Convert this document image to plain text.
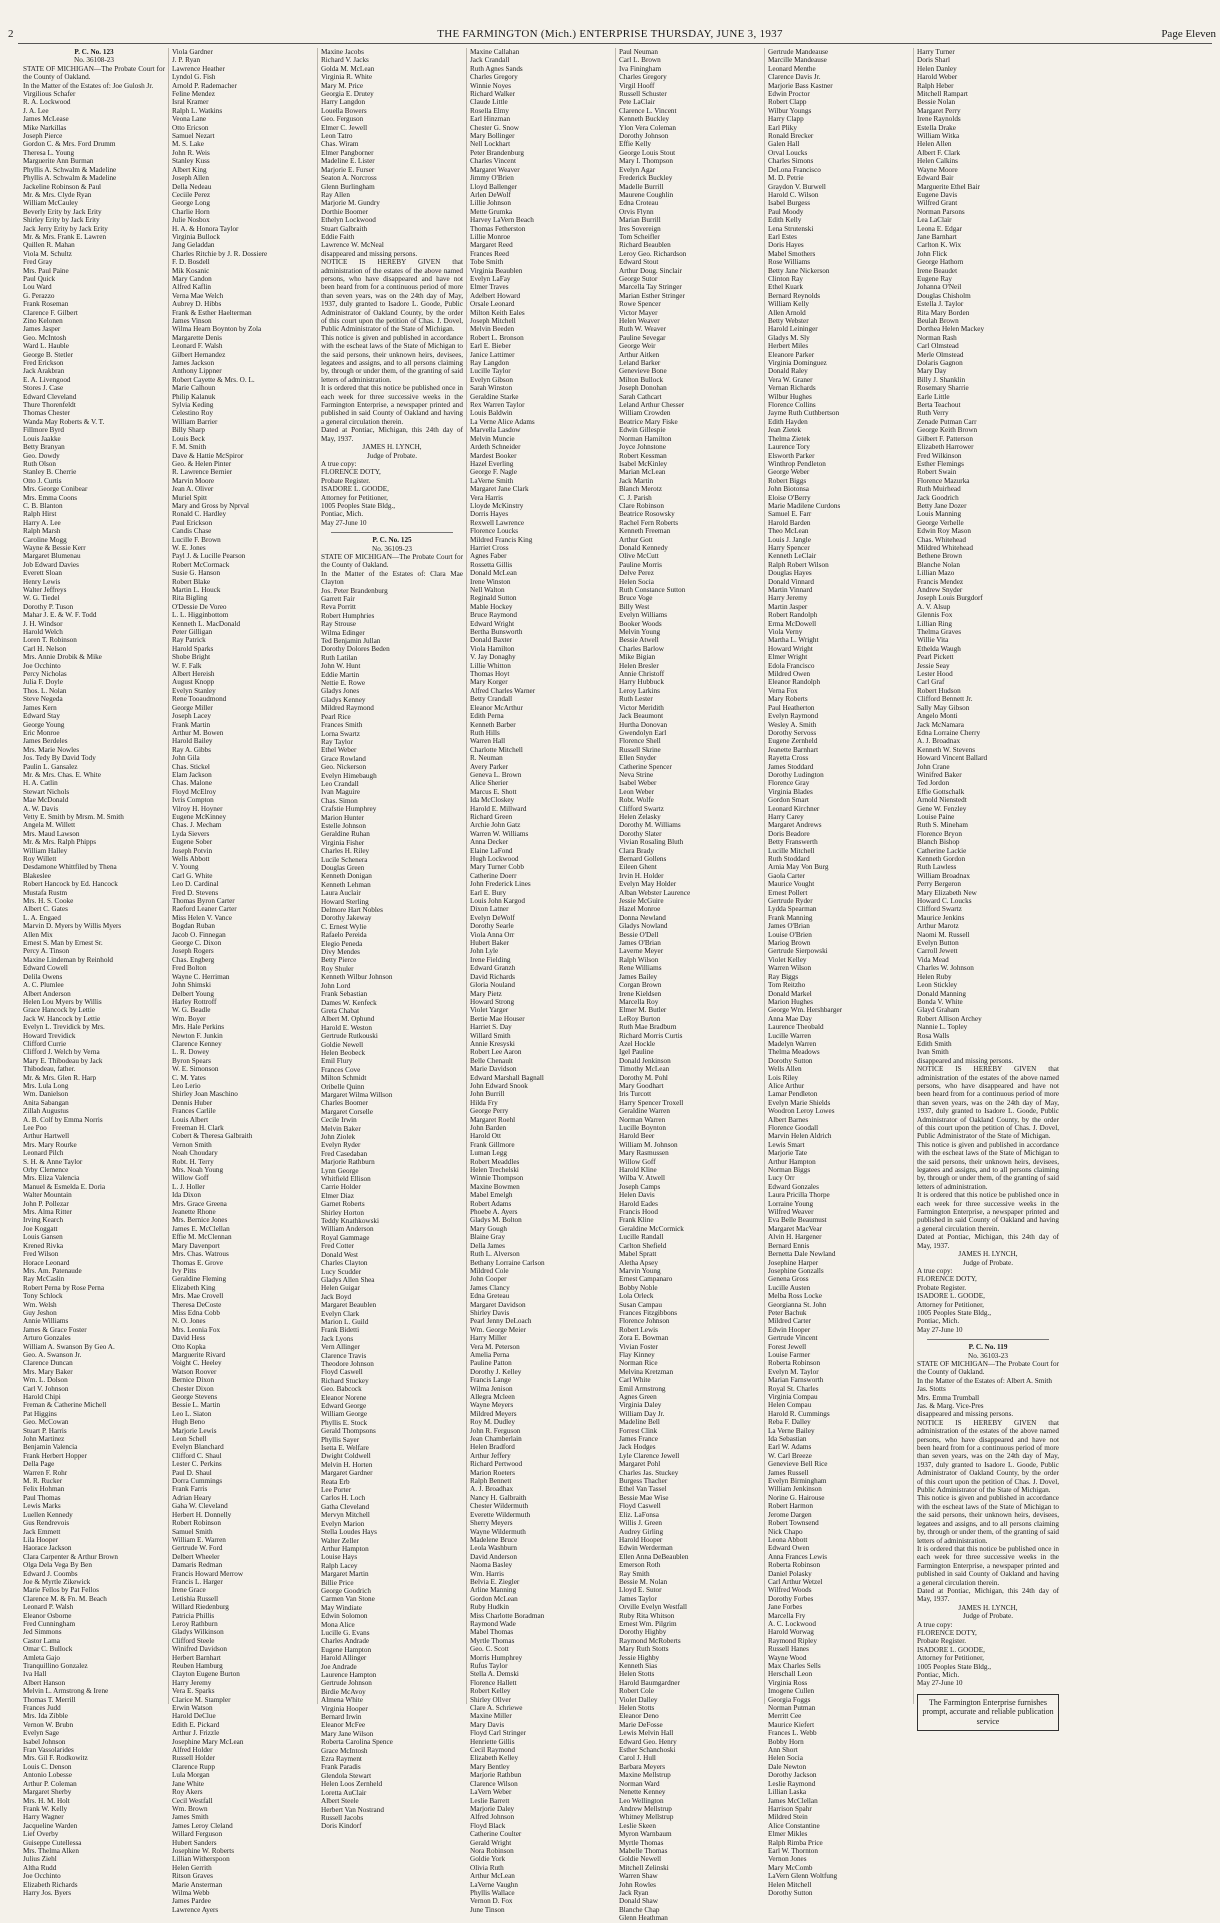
2	THE FARMINGTON (Mich.) ENTERPRISE THURSDAY, JUNE 3, 1937	Page Eleven

P. C. No. 123

No. 36108-23

STATE OF MICHIGAN—The Probate Court for the County of Oakland.

In the Matter of the Estates of: Joe Gulosh Jr.

Virgilious Schafer

R. A. Lockwood

J. A. Lee

James McLease

Mike Narkillas

Joseph Pierce

Gordon C. & Mrs. Ford Drumm

Theresa L. Young

Marguerite Ann Burman

Phyllis A. Schwalm & Madeline

Phyllis A. Schwalm & Madeline

Jackeline Robinson & Paul

Mr. & Mrs. Clyde Ryan

William McCauley

Beverly Erity by Jack Erity

Shirley Erity by Jack Erity

Jack Jerry Erity by Jack Erity

Mr. & Mrs. Frank E. Lawren

Quillen R. Mahan

Viola M. Schultz

Fred Gray

Mrs. Paul Paine

Paul Quick

Lou Ward

G. Perazzo

Frank Roseman

Clarence F. Gilbert

Zino Kelonen

James Jasper

Geo. McIntosh

Ward L. Hauble

George B. Stetler

Fred Erickson

Jack Arakbran

E. A. Livengood

Stores J. Case

Edward Cleveland

Thure Thorenfeldt

Thomas Chester

Wanda May Roberts & V. T.

Fillmore Byrd

Louis Jaakke

Betty Branyan

Geo. Dowdy

Ruth Olson

Stanley B. Cherrie

Otto J. Curtis

Mrs. George Conibear

Mrs. Emma Coons

C. B. Blanton

Ralph Hirst

Harry A. Lee

Ralph Marsh

Caroline Mogg

Wayne & Bessie Kerr

Margaret Blumenau

Job Edward Davies

Everett Sloan

Henry Lewis

Walter Jeffreys

W. G. Tiedel

Dorothy P. Tuson

Mahar J. E. & W. F. Todd

J. H. Windsor

Harold Welch

Loren T. Robinson

Carl H. Nelson

Mrs. Annie Drobik & Mike

Joe Occhinto

Percy Nicholas

Julia F. Doyle

Thos. L. Nolan

Steve Negeda

James Kern

Edward Stay

George Young

Eric Monroe

James Berdeles

Mrs. Marie Nowles

Jos. Tedy By David Tody

Paulin L. Gansalez

Mr. & Mrs. Chas. E. White

H. A. Catlin

Stewart Nichols

Mae McDonald

A. W. Davis

Vetty E. Smith by Mrsm. M. Smith

Angela M. Willett

Mrs. Maud Lawson

Mr. & Mrs. Ralph Phipps

William Halley

Roy Willett

Desdamone Whittfiled by Thena

Blakeslee

Robert Hancock by Ed. Hancock

Mustafa Rustm

Mrs. H. S. Cooke

Albert C. Gates

L. A. Engaed

Marvin D. Myers by Willis Myers

Allen Mix

Ernest S. Man by Ernest Sr.

Percy A. Tinson

Maxine Lindeman by Reinhold

Edward Cowell

Delila Owens

A. C. Plumlee

Albert Anderson

Helen Lou Myers by Willis

Grace Hancock by Lettie

Jack W. Hancock by Lettie

Evelyn L. Trevidick by Mrs.

Howard Trevidick

Clifford Currie

Clifford J. Welch by Verna

Mary E. Thibodeau by Jack

Thibodeau, father.

Mr. & Mrs. Glen R. Harp

Mrs. Lula Long

Wm. Danielson

Anita Sabangan

Zillah Augustus

A. B. Colf by Emma Norris

Lee Poo

Arthur Hartwell

Mrs. Mary Rourke

Leonard Pilch

S. H. & Anne Taylor

Orby Clemence

Mrs. Eliza Valencia

Manuel & Esmelda E. Doria

Walter Mountain

John P. Pollezar

Mrs. Alma Ritter

Irving Kearch

Joe Koggatt

Louis Gansen

Krened Rivka

Fred Wilson

Horace Leonard

Mrs. Am. Patenaude

Ray McCaslin

Robert Perna by Rose Perna

Tony Schlock

Wm. Welsh

Guy Jeshon

Annie Williams

James & Grace Foster

Arturo Gonzales

William A. Swanson By Geo A.

Geo. A. Swanson Jr.

Clarence Duncan

Mrs. Mary Baker

Wm. L. Dolson

Carl V. Johnson

Harold Chipi

Freman & Catherine Michell

Pat Higgins

Geo. McCowan

Stuart P. Harris

John Martinez

Benjamin Valencia

Frank Herbert Hopper

Della Page

Warren F. Rohr

M. R. Rucker

Felix Hohman

Paul Thomas

Lewis Marks

Luellen Kennedy

Gus Rendrevois

Jack Emmett

Lila Hooper

Haorace Jackson

Clara Carpenter & Arthur Brown

Olga Dela Vega By Ben

Edward J. Coombs

Joe & Myrtle Zikewick

Marie Fellos by Pat Fellos

Clarence M. & Fn. M. Beach

Leonard P. Walsh

Eleanor Osborne

Fred Cunningham

Jed Simmons

Castor Lama

Omar C. Bullock

Amleta Gajo

Tranquillino Gonzalez

Iva Hall

Albert Hanson

Melvin L. Armstrong & Irene

Thomas T. Merrill

Frances Judd

Mrs. Ida Zibble

Vernon W. Brubn

Evelyn Sage

Isabel Johnson

Fran Vassolarides

Mrs. Gil F. Rodkowitz

Louis C. Denson

Antonio Lobesse

Arthur P. Coleman

Margaret Sherby

Mrs. H. M. Holt

Frank W. Kelly

Harry Wagner

Jacqueline Warden

Lief Overby

Guiseppe Cutellessa

Mrs. Thelma Alken

Julius Ziehl

Altha Rudd

Joe Occhinto

Elizabeth Richards

Harry Jos. Byers

Viola Gardner

J. P. Ryan

Lawrence Heather

Lyndol G. Fish

Arnold P. Rademacher

Feline Mendez

Isral Kramer

Ralph L. Watkins

Veona Lane

Otto Ericson

Samuel Nezart

M. S. Lake

John R. Weis

Stanley Kuss

Albert King

Joseph Allen

Della Nedeau

Ceciile Perez

George Long

Charlie Horn

Julie Nosbox

H. A. & Honora Taylor

Virginia Bullock

Jang Geladdan

Charles Ritchie by J. R. Dossiere

F. D. Bosdell

Mik Kosanic

Mary Candon

Alfred Kaflin

Verna Mae Welch

Aubrey D. Hibbs

Frank & Esther Haelterman

James Vinson

Wilma Hearn Boynton by Zola

Margarette Denis

Leonard F. Walsh

Gilbert Hernandez

James Jackson

Anthony Lippner

Robert Cayette & Mrs. O. L.

Marie Calhoun

Philip Kalanuk

Sylvia Keding

Celestino Roy

William Barrier

Billy Sharp

Louis Beck

F. M. Smith

Dave & Hattie McSpiror

Geo. & Helen Pinter

R. Lawrence Bernier

Marvin Moore

Jean A. Oliver

Muriel Spitt

Mary and Gross by Nprval

Ronald C. Hardley

Paul Erickson

Candis Chase

Lucille F. Brown

W. E. Jones

Payl J. & Lucille Pearson

Robert McCormack

Susie G. Hanson

Robert Blake

Martin L. Houck

Rita Bigling

O'Dessie De Voreo

L. L. Higginbottom

Kenneth L. MacDonald

Peter Gilligan

Ray Patrick

Harold Sparks

Shobe Bright

W. F. Falk

Albert Hereish

August Knopp

Evelyn Stanley

Rene Tooaudmond

George Miller

Joseph Lacey

Frank Martin

Arthur M. Bowen

Harold Bailey

Ray A. Gibbs

John Gila

Chas. Stickel

Elam Jackson

Chas. Malone

Floyd McElroy

Ivris Compton

Vilroy H. Hoyner

Eugene McKinney

Chas. J. Mecham

Lyda Sievers

Eugene Sober

Joseph Potvin

Wells Abbott

V. Young

Carl G. White

Leo D. Cardinal

Fred D. Stevens

Thomas Byron Carter

Raeford Leaner Carter

Miss Helen V. Vance

Bogdan Ruban

Jacob O. Finnegan

George C. Dixon

Joseph Rogers

Chas. Engberg

Fred Bolton

Wayne C. Herriman

John Shimski

Delbert Young

Harley Rottroff

W. G. Beadle

Wm. Boyer

Mrs. Hale Perkins

Newton F. Junkin

Clarence Kenney

L. R. Dowey

Byron Spears

W. E. Simonson

C. M. Yates

Leo Lerio

Shirley Joan Maschino

Dennis Huber

Frances Carlile

Louis Albert

Freeman H. Clark

Cobert & Theresa Galbraith

Vernon Smith

Noah Choudary

Robt. H. Terry

Mrs. Noah Young

Willow Goff

L. J. Holler

Ida Dixon

Mrs. Grace Greena

Jeanette Rhone

Mrs. Bernice Jones

James E. McClellan

Effie M. McClennan

Mary Davenport

Mrs. Chas. Watrous

Thomas E. Grove

Ivy Pitts

Geraldine Fleming

Elizabeth King

Mrs. Mae Crovell

Theresa DeCoste

Miss Edna Cobb

N. O. Jones

Mrs. Leonia Fox

David Hess

Otto Kopka

Marguerite Rivard

Voight C. Heeley

Watson Roover

Bernice Dixon

Chester Dixon

George Stevens

Bessie L. Martin

Leo L. Siaton

Hugh Beno

Marjorie Lewis

Leon Schell

Evelyn Blanchard

Clifford C. Shaul

Lester C. Perkins

Paul D. Shaul

Dorra Cummings

Frank Farris

Adrian Heary

Gaha W. Cleveland

Herbert H. Donnelly

Robert Robinson

Samuel Smith

William E. Warren

Gertrude W. Ford

Delbert Wheeler

Damaris Redman

Francis Howard Merrow

Francis L. Harger

Irene Grace

Letishia Russell

Willard Riedenburg

Patricia Phillis

Leroy Rathburn

Gladys Wilkinson

Clifford Steele

Winifred Davidson

Herbert Barnhart

Reuben Hamburg

Clayton Eugene Burton

Harry Jeremy

Vera E. Sparks

Clarice M. Stampler

Erwin Watson

Harold DeClue

Edith E. Pickard

Arthur J. Frizzle

Josephine Mary McLean

Alfred Holder

Russell Holder

Clarence Rupp

Lula Morgan

Jane White

Roy Akers

Cecil Westfall

Wm. Brown

James Smith

James Leroy Cleland

Willard Ferguson

Hubert Sanders

Josephine W. Roberts

Lillian Witherspoon

Helen Gerrith

Ritson Graves

Marie Ansterman

Wilma Webb

James Pardee

Lawrence Ayers

Maxine Jacobs

Richard V. Jacks

Golda M. McLean

Virginia R. White

Mary M. Price

Georgia E. Drutey

Harry Langdon

Louella Bowers

Geo. Ferguson

Elmer C. Jewell

Leon Tatro

Chas. Wiram

Elmer Pangborner

Madeline E. Lister

Marjorie E. Furser

Seaton A. Norcross

Glenn Burlingham

Ray Allen

Marjorie M. Gundry

Dorthie Boomer

Ethelyn Lockwood

Stuart Galbraith

Eddie Faith

Lawrence W. McNeal

disappeared and missing persons.

NOTICE IS HEREBY GIVEN that administration of the estates of the above named persons, who have disappeared and have not been heard from for a continuous period of more than seven years, was on the 24th day of May, 1937, duly granted to Isadore L. Goode, Public Administrator of Oakland County, by the order of this court upon the petition of Chas. J. Dovel, Public Administrator of the State of Michigan.

This notice is given and published in accordance with the escheat laws of the State of Michigan to the said persons, their unknown heirs, devisees, legatees and assigns, and to all persons claiming by, through or under them, of the granting of said letters of administration.

It is ordered that this notice be published once in each week for three successive weeks in the Farmington Enterprise, a newspaper printed and published in said County of Oakland and having a general circulation therein.

Dated at Pontiac, Michigan, this 24th day of May, 1937.

JAMES H. LYNCH,

Judge of Probate.

A true copy:

FLORENCE DOTY,

Probate Register.

ISADORE L. GOODE,

Attorney for Petitioner,

1005 Peoples State Bldg.,

Pontiac, Mich.

May 27-June 10

P. C. No. 125

No. 36109-23

STATE OF MICHIGAN—The Probate Court for the County of Oakland.

In the Matter of the Estates of: Clara Mae Clayton

Jos. Peter Brandenburg

Garrett Fair

Reva Porritt

Robert Humphries

Ray Strouse

Wilma Edinger

Ted Benjamin Jullan

Dorothy Dolores Beden

Ruth Latilan

John W. Hunt

Eddie Martin

Nettie E. Rowe

Gladys Jones

Gladys Kenney

Mildred Raymond

Pearl Rice

Frances Smith

Lorna Swartz

Ray Taylor

Ethel Weber

Grace Rowland

Geo. Nickerson

Evelyn Himebaugh

Leo Crandall

Ivan Maguire

Chas. Simon

Crafstie Humphrey

Marion Hunter

Estelle Johnson

Geraldine Ruhan

Virginia Fisher

Charles H. Riley

Lucile Schenera

Douglas Green

Kenneth Donigan

Kenneth Lehman

Laura Auclair

Howard Sterling

Delmore Hart Nobles

Dorothy Jakeway

C. Ernest Wylie

Rafaelo Pereida

Elegio Peneda

Divy Mendes

Betty Pierce

Roy Shuler

Kenneth Wilbur Johnson

John Lord

Frank Sebastian

Dames W. Kenfeck

Greta Chabat

Albert M. Ophund

Harold E. Weston

Gertrude Rutkouski

Goldie Newell

Helen Beobeck

Emil Flury

Frances Cove

Milton Schmidt

Oribelle Quinn

Margaret Wilma Willson

Charles Boomer

Margaret Corselle

Cecile Irwin

Melvin Baker

John Ziolek

Evelyn Ryder

Fred Casedaban

Marjorie Rathburn

Lynn George

Whitfield Ellison

Carrie Holder

Elmer Diaz

Garnet Roberts

Shirley Horton

Teddy Knathkowski

William Anderson

Royal Gammage

Fred Cotter

Donald West

Charles Clayton

Lucy Scudder

Gladys Allen Shea

Helen Guigar

Jack Boyd

Margaret Beaublen

Evelyn Clark

Marion L. Guild

Frank Bidetti

Jack Lyons

Vern Allinger

Clarence Travis

Theodore Johnson

Floyd Caswell

Richard Stuckey

Geo. Babcock

Eleanor Norene

Edward George

William George

Phyllis E. Stock

Gerald Thompsons

Phyllis Sayer

Isetta E. Welfare

Dwight Coldwell

Melvin H. Horten

Margaret Gardner

Reata Erb

Lee Porter

Carlos H. Loch

Gatha Cleveland

Mervyn Mitchell

Evelyn Marion

Stella Loudes Hays

Walter Zeller

Arthur Hampton

Louise Hays

Ralph Lacey

Margaret Martin

Billie Price

George Goodrich

Carmen Van Stone

May Windiate

Edwin Solomon

Mona Alice

Lucille G. Evans

Charles Andrade

Eugene Hampton

Harold Allinger

Joe Andrade

Laurence Hampton

Gertrude Johnson

Birdie McAvoy

Almena White

Virginia Hooper

Bernard Irwin

Eleanor McFee

Mary Jane Wilson

Roberta Carolina Spence

Grace McIntosh

Ezra Rayment

Frank Paradis

Glendola Stewart

Helen Loos Zernheld

Loretta AuClair

Albert Steele

Herbert Van Nostrand

Russell Jacobs

Doris Kindorf

Maxine Callahan

Jack Crandall

Ruth Agnes Sands

Charles Gregory

Winnie Noyes

Richard Walker

Claude Little

Rosella Elmy

Earl Hinzman

Chester G. Snow

Mary Bollinger

Nell Lockhart

Peter Brandenburg

Charles Vincent

Margaret Weaver

Jimmy O'Brien

Lloyd Ballenger

Arlen DeWolf

Lillie Johnson

Mette Grumka

Harvey LaVern Beach

Thomas Fetherston

Lillie Monroe

Margaret Reed

Frances Reed

Tobe Smith

Virginia Beaublen

Evelyn LaFay

Elmer Traves

Adelbert Howard

Orsale Leonard

Milton Keith Eales

Joseph Mitchell

Melvin Beeden

Robert L. Bronson

Earl E. Bieber

Janice Lattimer

Ray Langdon

Lucille Taylor

Evelyn Gibson

Sarah Winston

Geraldine Starke

Rex Warren Taylor

Louis Baldwin

La Verne Alice Adams

Marvella Lasdow

Melvin Muncie

Ardeth Schneider

Mardest Booker

Hazel Everling

George F. Nagle

LaVerne Smith

Margaret Jane Clark

Vera Harris

Lloyde McKinstry

Dorris Hayes

Rexwell Lawrence

Florence Loucks

Mildred Francis King

Harriet Cross

Agnes Faber

Rossetta Gillis

Donald McLean

Irene Winston

Nell Walton

Reginald Sutton

Mable Hockey

Bruce Raymond

Edward Wright

Bertha Bunsworth

Donald Baxter

Viola Hamilton

V. Jay Donaghy

Lillie Whitton

Thomas Hoyt

Mary Korger

Alfred Charles Warner

Betty Crandall

Eleanor McArthur

Edith Perna

Kenneth Barber

Ruth Hills

Warren Hall

Charlotte Mitchell

R. Neuman

Avery Parker

Geneva L. Brown

Alice Sherier

Marcus E. Shott

Ida McCloskey

Harold E. Millward

Richard Green

Archie John Gatz

Warren W. Williams

Anna Decker

Elaine LaFond

Hugh Lockwood

Mary Turner Cobb

Catherine Doerr

John Frederick Lines

Earl E. Bury

Louis John Kargod

Dixon Latner

Evelyn DeWolf

Dorothy Searle

Viola Anna Orr

Hubert Baker

John Lyle

Irene Fielding

Edward Granzh

David Richards

Gloria Nouland

Mary Pietz

Howard Strong

Violet Yarger

Bertie Mae Houser

Harriet S. Day

Willard Smith

Annie Kresyski

Robert Lee Aaron

Belle Chenault

Marie Davidson

Edward Marshall Bagnall

John Edward Snook

John Burrill

Hilda Fry

George Perry

Margaret Roehl

John Barden

Harold Ott

Frank Gillmore

Luman Legg

Robert Meaddles

Helen Trechelski

Winnie Thompson

Maxine Bowmen

Mabel Emelgh

Robert Adams

Phoebe A. Ayers

Gladys M. Bolton

Mary Gough

Blaine Gray

Della James

Ruth L. Alverson

Bethany Lorraine Carlson

Mildred Cole

John Cooper

James Clancy

Edna Greteau

Margaret Davidson

Shirley Davis

Pearl Jenny DeLoach

Wm. George Meier

Harry Miller

Vera M. Peterson

Amelia Perna

Pauline Patton

Dorothy J. Kelley

Francis Lange

Wilma Jenison

Allegra Mcleen

Wayne Meyers

Mildred Meyers

Roy M. Dudley

John R. Ferguson

Jean Chamberlain

Helen Bradford

Arthur Jeffery

Richard Pertwood

Marion Roeters

Ralph Bennett

A. J. Broadhax

Nancy H. Galbraith

Chester Wildermuth

Everette Wildermuth

Sherry Meyers

Wayne Wildermuth

Madelene Bruce

Leola Washburn

David Anderson

Naoma Basley

Wm. Harris

Belvia E. Ziegler

Arline Manning

Gordon McLean

Ruby Hudkin

Miss Charlotte Boradman

Raymond Wade

Mabel Thomas

Myrtle Thomas

Geo. C. Scott

Morris Humphrey

Rufus Taylor

Stella A. Demski

Florence Hallett

Robert Kelley

Shirley Ollver

Clare A. Schriewe

Maxine Miller

Mary Davis

Floyd Carl Stringer

Henriette Gillis

Cecil Raymond

Elizabeth Kelley

Mary Bentley

Marjorie Rathbun

Clarence Wilson

LaVern Weber

Leslie Barrett

Marjorie Daley

Alfred Johnson

Floyd Black

Catherine Coulter

Gerald Wright

Nora Robinson

Goldie York

Olivia Ruth

Arthur McLean

LaVerne Vaughn

Phyllis Wallace

Vernon D. Fox

June Tinson

Paul Neuman

Carl L. Brown

Iva Finingham

Charles Gregory

Virgil Hooff

Russell Schuster

Pete LaClair

Clarence L. Vincent

Kenneth Buckley

Ylon Vera Coleman

Dorothy Johnson

Effie Kelly

George Louis Stout

Mary I. Thompson

Evelyn Agar

Frederick Buckley

Madelle Burrill

Maurene Coughlin

Edna Croteau

Orvis Flynn

Marian Burrill

Ires Sovereign

Tom Scheifler

Richard Beaublen

Leroy Geo. Richardson

Edward Stout

Arthur Doug. Sinclair

George Sutor

Marcella Tay Stringer

Marian Esther Stringer

Rowe Spencer

Victor Mayer

Helen Weaver

Ruth W. Weaver

Pauline Sevegar

George Weir

Arthur Aitken

Leland Barker

Genevieve Bone

Milton Bullock

Joseph Donohan

Sarah Cathcart

Leland Arthur Chesser

William Crowden

Beatrice Mary Fiske

Edwin Gillespie

Norman Hamilton

Joyce Johnstone

Robert Kessman

Isabel McKinley

Marian McLean

Jack Martin

Blanch Merotz

C. J. Parish

Clare Robinson

Beatrice Rosowsky

Rachel Fern Roberts

Kenneth Freeman

Arthur Gott

Donald Kennedy

Olive McCutt

Pauline Morris

Delve Perez

Helen Socia

Ruth Constance Sutton

Bruce Voge

Billy West

Evelyn Williams

Booker Woods

Melvin Young

Bessie Atwell

Charles Barlow

Mike Bigian

Helen Bresler

Annie Christoff

Harry Hubbuck

Leroy Larkins

Ruth Lester

Victor Meridith

Jack Beaumont

Hurtha Donovan

Gwendolyn Earl

Florence Shell

Russell Skrine

Ellen Snyder

Catherine Spencer

Neva Strine

Isabel Weber

Leon Weber

Robt. Wolfe

Clifford Swartz

Helen Zelasky

Dorothy M. Williams

Dorothy Slater

Vivian Rosaling Bluth

Clara Brady

Bernard Gollens

Eileen Ghent

Irvin H. Holder

Evelyn May Holder

Alban Webster Laurence

Jessie McGuire

Hazel Monroe

Donna Newland

Gladys Nowland

Bessie O'Dell

James O'Brian

Laverne Meyer

Ralph Wilson

Rene Williams

James Bailey

Corgan Brown

Irene Kieldsen

Marcella Roy

Elmer M. Butler

LeRoy Burton

Ruth Mae Bradburn

Richard Morris Curtis

Azel Hockle

Igel Pauline

Donald Jenkinson

Timothy McLean

Dorothy M. Pohl

Mary Goodhart

Iris Turcott

Harry Spencer Troxell

Geraldine Warren

Norman Warren

Lucille Boynton

Harold Beer

William M. Johnson

Mary Rasmussen

Willow Goff

Harold Kline

Wilba V. Atwell

Joseph Camps

Helen Davis

Harold Eades

Francis Hood

Frank Kline

Geraldine McCormick

Lucille Randall

Carlton Shefield

Mabel Spratt

Aletha Apsey

Marvin Young

Ernest Campanaro

Bobby Noble

Lola Orleck

Susan Campau

Frances Fitzgibbons

Florence Johnson

Robert Lewis

Zora E. Bowman

Vivian Foster

Flay Kinney

Norman Rice

Melvina Kretzman

Carl White

Emil Armstrong

Agnes Green

Virginia Daley

William Day Jr.

Madeline Bell

Forrest Clink

James France

Jack Hodges

Lyle Clarence Jewell

Margaret Pohl

Charles Jas. Stuckey

Burgess Thacher

Ethel Van Tassel

Bessie Mae Wise

Floyd Caswell

Eliz. LaFonsa

Willis J. Green

Audrey Girling

Harold Hooper

Edwin Werderman

Ellen Anna DeBeaublen

Emerson Roth

Ray Smith

Bessie M. Nolan

Lloyd E. Sutor

James Taylor

Orville Evelyn Westfall

Ruby Rita Whitson

Ernest Wm. Pilgrim

Dorothy Highby

Raymond McRoberts

Mary Ruth Stotts

Jessie Highby

Kenneth Sias

Helen Stotts

Harold Baumgardner

Robert Cole

Violet Dalley

Helen Stotts

Eleanor Deno

Marie DeFosse

Lewis Melvin Hall

Edward Geo. Henry

Esther Schanchoski

Carol J. Hull

Barbara Meyers

Maxine Mellstrup

Norman Ward

Nenette Kenney

Leo Wellington

Andrew Mellstrup

Whitney Mellstrup

Leslie Skeen

Myron Warnbaum

Myrtle Thomas

Mabelle Thomas

Goldie Newell

Mitchell Zelinski

Warren Shaw

John Rowles

Jack Ryan

Donald Shaw

Blanche Chap

Glenn Heathman

Gertrude Mandeause

Marcille Mandeause

Leonard Menthe

Clarence Davis Jr.

Marjorie Bass Kastner

Edwin Proctor

Robert Clapp

Wilbur Youngs

Harry Clapp

Earl Pliky

Ronald Brecker

Galen Hall

Orval Loucks

Charles Simons

DeLona Francisco

M. D. Petrie

Graydon V. Burwell

Harold C. Wilson

Isabel Burgess

Paul Moody

Edith Kelly

Lena Strutenski

Earl Estes

Doris Hayes

Mabel Smothers

Rose Williams

Betty Jane Nickerson

Clinton Ray

Ethel Kuark

Bernard Reynolds

William Kelly

Allen Arnold

Betty Webster

Harold Leininger

Gladys M. Sly

Herbert Miles

Eleanore Parker

Virginia Dominguez

Donald Raley

Vera W. Graner

Vernan Richards

Wilbur Hughes

Florence Collins

Jayme Ruth Cuthbertson

Edith Hayden

Jean Zietek

Thelma Zietek

Laurence Tory

Elsworth Parker

Winthrop Pendleton

George Weber

Robert Biggs

John Biotonsa

Eloise O'Berry

Marie Madilene Curdons

Samuel E. Farr

Harold Barden

Theo McLean

Louis J. Jangle

Harry Spencer

Kenneth LeClair

Ralph Robert Wilson

Douglas Hayes

Donald Vinnard

Martin Vinnard

Harry Jeremy

Martin Jasper

Robert Randolph

Erma McDowell

Viola Verny

Martha L. Wright

Howard Wright

Elmer Wright

Edola Francisco

Mildred Owen

Eleanor Randolph

Verna Fox

Mary Roberts

Paul Heatherton

Evelyn Raymond

Wesley A. Smith

Dorothy Servoss

Eugene Zernheld

Jeanette Barnhart

Rayetta Cross

James Stoddard

Dorothy Ludington

Florence Gray

Virginia Blades

Gordon Smart

Leonard Kirchner

Harry Carey

Margaret Andrews

Doris Beadore

Betty Franswerth

Lucille Mitchell

Ruth Stoddard

Arnia May Von Burg

Gaola Carter

Maurice Vought

Ernest Pollert

Gertrude Ryder

Lydda Spearman

Frank Manning

James O'Brian

Louise O'Brien

Mariog Brown

Gertrude Sierpowski

Violet Kelley

Warren Wilson

Ray Biggs

Tom Reitzho

Donald Markel

Marion Hughes

George Wm. Hershbarger

Anna Mae Day

Laurence Theobald

Lucille Warren

Madelyn Warren

Thelma Meadows

Dorothy Sutton

Wells Allen

Lois Riley

Alice Arthur

Lamar Pendleton

Evelyn Marie Shields

Woodron Leroy Lowes

Albert Barnes

Florence Goodall

Marvin Helen Aldrich

Lewis Smart

Marjorie Tate

Arthur Hampton

Norman Biggs

Lucy Orr

Edward Gonzales

Laura Pricilla Thorpe

Lorraine Young

Wilfred Weaver

Eva Belle Beaumust

Margaret MacVear

Alvin H. Hargener

Bernard Ennis

Bernetta Dale Newland

Josephine Harper

Josephine Gonzalls

Genena Gross

Lucille Austen

Melba Ross Locke

Georgianna St. John

Peter Bachuk

Mildred Carter

Edwin Hooper

Gertrude Vincent

Forest Jewell

Louise Farmer

Roberta Robinson

Evelyn M. Taylor

Marian Farnsworth

Royal St. Charles

Virginia Compau

Helen Compau

Harold R. Cummings

Reba F. Dalley

La Verne Bailey

Ida Sebastian

Earl W. Adams

W. Carl Breeze

Genevieve Bell Rice

James Russell

Evelyn Birmingham

William Jenkinson

Norine G. Hairouse

Robert Harmon

Jerome Dargen

Robert Townsend

Nick Chapo

Leona Abbott

Edward Owen

Anna Frances Lewis

Roberta Robinson

Daniel Polasky

Carl Arthur Wetzel

Wilfred Woods

Dorothy Forbes

Jane Forbes

Marcella Fry

A. C. Lockwood

Harold Worwag

Raymond Ripley

Russell Hanes

Wayne Wood

Max Charles Sells

Herschall Leon

Virginia Ross

Imogene Cullen

Georgia Foggs

Norman Putman

Merritt Cee

Maurice Kiefert

Frances L. Webb

Bobby Horn

Ann Short

Helen Socia

Dale Newton

Dorothy Jackson

Leslie Raymond

Lillian Laska

James McClellan

Harrison Spahr

Mildred Stein

Alice Constantine

Elmer Mikles

Ralph Rimba Price

Earl W. Thornton

Vernon Jones

Mary McComb

LaVern Glenn Woltfung

Helen Mitchell

Dorothy Sutton

Harry Turner

Doris Sharl

Helen Danley

Harold Weber

Ralph Heber

Mitchell Rampart

Bessie Nolan

Margaret Perry

Irene Raynolds

Estella Drake

William Witka

Helen Allen

Albert F. Clark

Helen Calkins

Wayne Moore

Edward Bair

Marguerite Ethel Bair

Eugene Davis

Wilfred Grant

Norman Parsons

Lea LaClair

Leona E. Edgar

Jane Barnhart

Carlton K. Wix

John Flick

George Hathorn

Irene Beaudet

Eugene Ray

Johanna O'Neil

Douglas Chisholm

Estella J. Taylor

Rita Mary Borden

Beulah Brown

Dorthea Helen Mackey

Norman Rash

Carl Olmstead

Merle Olmstead

Dolaris Gagnon

Mary Day

Billy J. Shanklin

Rosemary Sharrie

Earle Little

Berta Teachout

Ruth Verry

Zenade Putman Carr

George Keith Brown

Gilbert F. Patterson

Elizabeth Harrower

Fred Wilkinson

Esther Flemings

Robert Swain

Florence Mazurka

Ruth Muirhead

Jack Goodrich

Betty Jane Dozer

Louis Manning

George Verhelle

Edwin Roy Mason

Chas. Whitehead

Mildred Whitehead

Bethene Brown

Blanche Nolan

Lillian Mazo

Francis Mendez

Andrew Snyder

Joseph Louis Burgdorf

A. V. Alsup

Glennis Fox

Lillian Ring

Thelma Graves

Willie Vita

Ethelda Waugh

Pearl Pickett

Jessie Seay

Lester Hood

Carl Graf

Robert Hudson

Clifford Bennett Jr.

Sally May Gibson

Angelo Monti

Jack McNamara

Edna Lorraine Cherry

A. J. Broadnax

Kenneth W. Stevens

Howard Vincent Ballard

John Crane

Winifred Baker

Ted Jordon

Effie Gottschalk

Arnold Nienstedt

Gene W. Fenzley

Louise Paine

Ruth S. Mineham

Florence Bryon

Blanch Bishop

Catherine Lackie

Kenneth Gordon

Ruth Lawless

William Broadnax

Perry Bergeron

Mary Elizabeth New

Howard C. Loucks

Clifford Swartz

Maurice Jenkins

Arthur Marotz

Naomi M. Russell

Evelyn Button

Carroll Jewett

Vida Mead

Charles W. Johnson

Helen Ruby

Leon Stickley

Donald Manning

Bonda V. White

Glayd Graham

Robert Allison Archey

Nannie L. Topley

Rosa Walls

Edith Smith

Ivan Smith

disappeared and missing persons.

NOTICE IS HEREBY GIVEN that administration of the estates of the above named persons, who have disappeared and have not been heard from for a continuous period of more than seven years, was on the 24th day of May, 1937, duly granted to Isadore L. Goode, Public Administrator of Oakland County, by the order of this court upon the petition of Chas. J. Dovel, Public Administrator of the State of Michigan.

This notice is given and published in accordance with the escheat laws of the State of Michigan to the said persons, their unknown heirs, devisees, legatees and assigns, and to all persons claiming by, through or under them, of the granting of said letters of administration.

It is ordered that this notice be published once in each week for three successive weeks in the Farmington Enterprise, a newspaper printed and published in said County of Oakland and having a general circulation therein.

Dated at Pontiac, Michigan, this 24th day of May, 1937.

JAMES H. LYNCH,

Judge of Probate.

A true copy:

FLORENCE DOTY,

Probate Register.

ISADORE L. GOODE,

Attorney for Petitioner,

1005 Peoples State Bldg.,

Pontiac, Mich.

May 27-June 10

P. C. No. 119

No. 36103-23

STATE OF MICHIGAN—The Probate Court for the County of Oakland.

In the Matter of the Estates of: Albert A. Smith

Jas. Stotts

Mrs. Emma Trumball

Jas. & Marg. Vice-Pres

disappeared and missing persons.

NOTICE IS HEREBY GIVEN that administration of the estates of the above named persons, who have disappeared and have not been heard from for a continuous period of more than seven years, was on the 24th day of May, 1937, duly granted to Isadore L. Goode, Public Administrator of Oakland County, by the order of this court upon the petition of Chas. J. Dovel, Public Administrator of the State of Michigan.

This notice is given and published in accordance with the escheat laws of the State of Michigan to the said persons, their unknown heirs, devisees, legatees and assigns, and to all persons claiming by, through or under them, of the granting of said letters of administration.

It is ordered that this notice be published once in each week for three successive weeks in the Farmington Enterprise, a newspaper printed and published in said County of Oakland and having a general circulation therein.

Dated at Pontiac, Michigan, this 24th day of May, 1937.

JAMES H. LYNCH,

Judge of Probate.

A true copy:

FLORENCE DOTY,

Probate Register.

ISADORE L. GOODE,

Attorney for Petitioner,

1005 Peoples State Bldg.,

Pontiac, Mich.

May 27-June 10

The Farmington Enterprise furnishes prompt, accurate and reliable publication service
